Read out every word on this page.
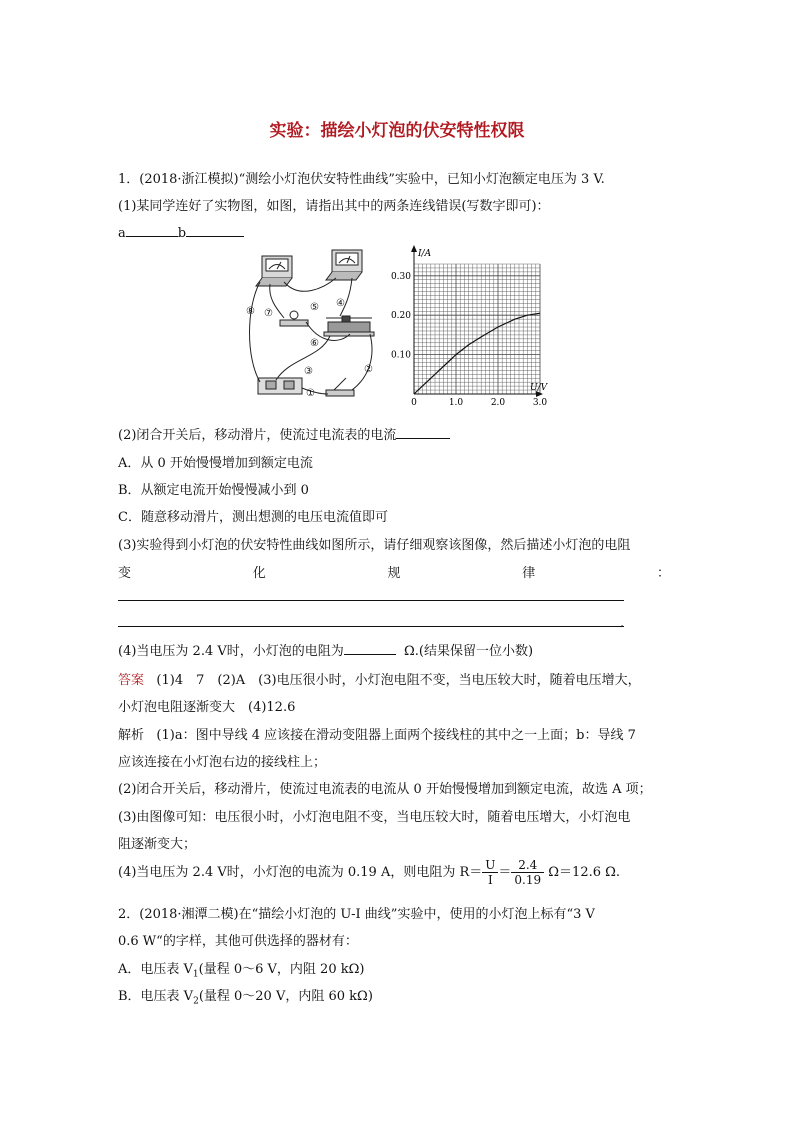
实验：描绘小灯泡的伏安特性权限
1．(2018·浙江模拟)“测绘小灯泡伏安特性曲线”实验中，已知小灯泡额定电压为 3 V.
(1)某同学连好了实物图，如图，请指出其中的两条连线错误(写数字即可)：
a	b
⑧ ⑦
⑤ ④
⑥
③	②
①
I/A
U/V
0	1.0	2.0	3.0
0.10
0.20
0.30
(2)闭合开关后，移动滑片，使流过电流表的电流
A．从 0 开始慢慢增加到额定电流
B．从额定电流开始慢慢减小到 0
C．随意移动滑片，测出想测的电压电流值即可
(3)实验得到小灯泡的伏安特性曲线如图所示，请仔细观察该图像，然后描述小灯泡的电阻
变	化	规	律	：
.
(4)当电压为 2.4 V时，小灯泡的电阻为	Ω.(结果保留一位小数)
答案 (1)4　7　(2)A　(3)电压很小时，小灯泡电阻不变，当电压较大时，随着电压增大，
小灯泡电阻逐渐变大　(4)12.6
解析 (1)a：图中导线 4 应该接在滑动变阻器上面两个接线柱的其中之一上面；b：导线 7
应该连接在小灯泡右边的接线柱上；
(2)闭合开关后，移动滑片，使流过电流表的电流从 0 开始慢慢增加到额定电流，故选 A 项；
(3)由图像可知：电压很小时，小灯泡电阻不变，当电压较大时，随着电压增大，小灯泡电
阻逐渐变大；
(4)当电压为 2.4 V时，小灯泡的电流为 0.19 A，则电阻为 $R= \frac{U}{I} = \frac{2.4}{0.19} \Omega=12.6$ Ω.
2．(2018·湘潭二模)在“描绘小灯泡的 U-I 曲线”实验中，使用的小灯泡上标有“3 V
0.6 W“的字样，其他可供选择的器材有：
A．电压表 $V_1$(量程 0～6 V，内阻 20 kΩ)
B．电压表 $V_2$(量程 0～20 V，内阻 60 kΩ)
